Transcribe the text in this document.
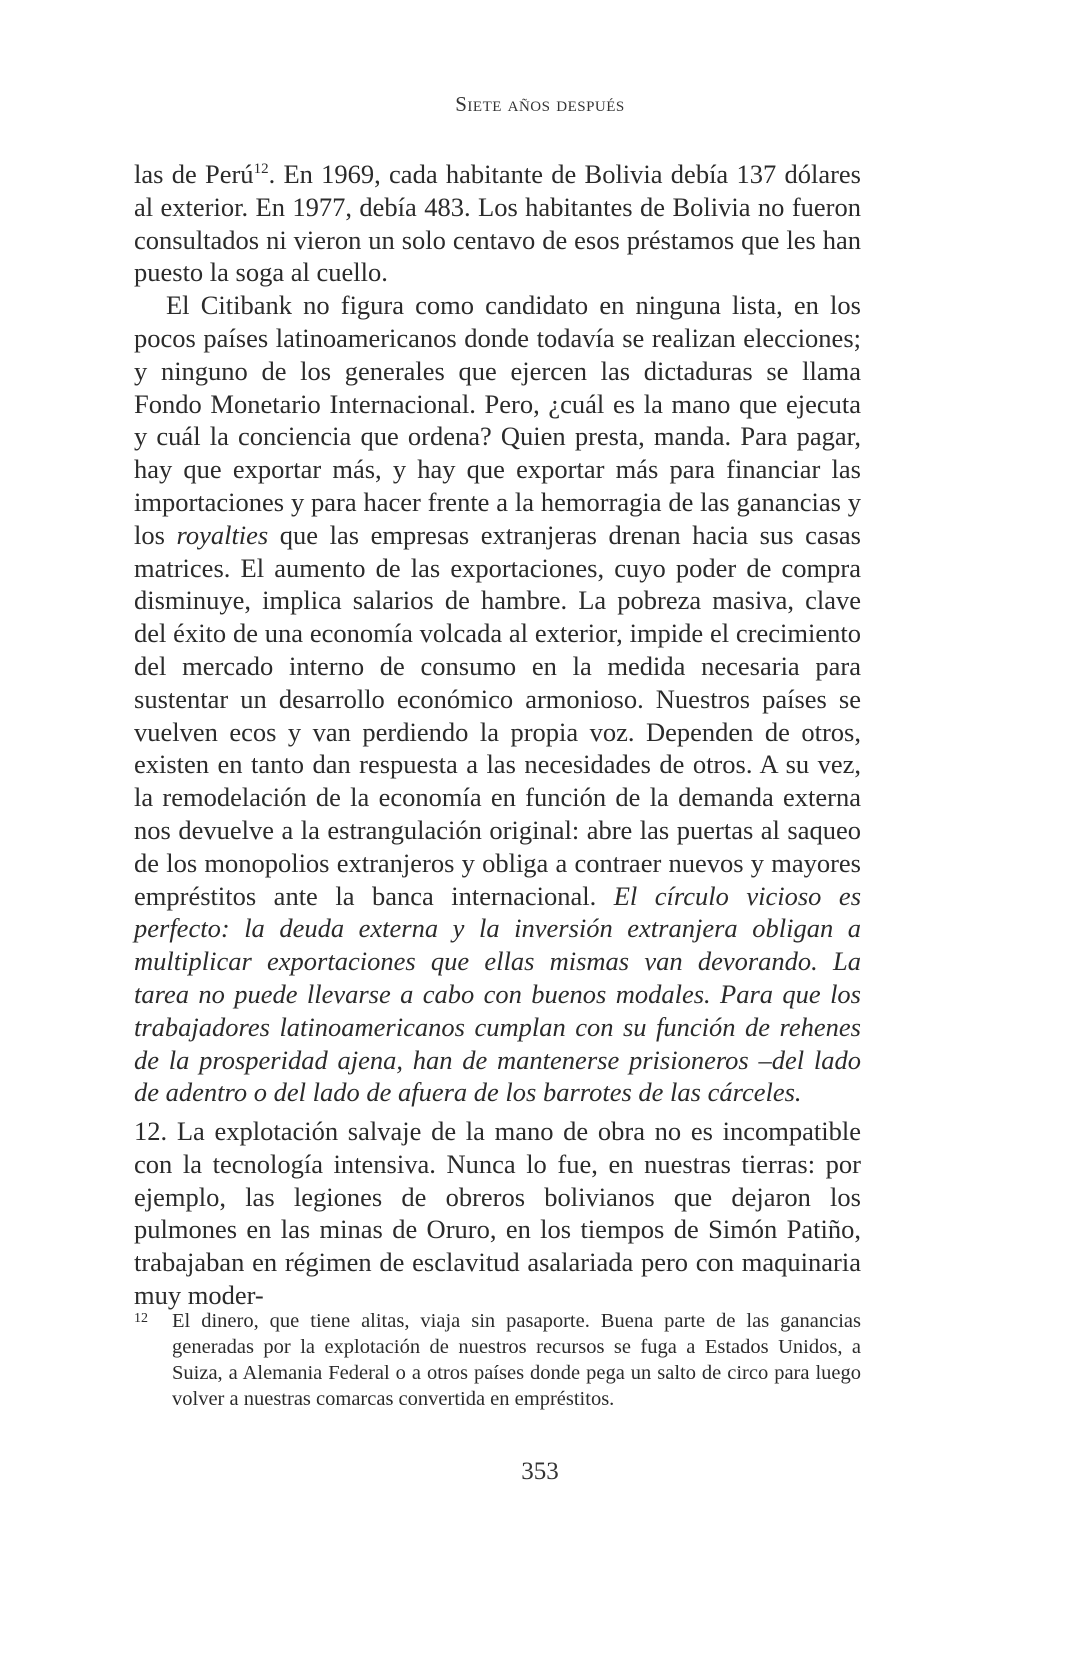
Siete años después

las de Perú$^{12}$. En 1969, cada habitante de Bolivia debía 137 dólares al exterior. En 1977, debía 483. Los habitantes de Bolivia no fueron consultados ni vieron un solo centavo de esos préstamos que les han puesto la soga al cuello.

El Citibank no figura como candidato en ninguna lista, en los pocos países latinoamericanos donde todavía se realizan elecciones; y ninguno de los generales que ejercen las dictaduras se llama Fondo Monetario Internacional. Pero, ¿cuál es la mano que ejecuta y cuál la conciencia que ordena? Quien presta, manda. Para pagar, hay que exportar más, y hay que exportar más para financiar las importaciones y para hacer frente a la hemorragia de las ganancias y los royalties que las empresas extranjeras drenan hacia sus casas matrices. El aumento de las exportaciones, cuyo poder de compra disminuye, implica salarios de hambre. La pobreza masiva, clave del éxito de una economía volcada al exterior, impide el crecimiento del mercado interno de consumo en la medida necesaria para sustentar un desarrollo económico armonioso. Nuestros países se vuelven ecos y van perdiendo la propia voz. Dependen de otros, existen en tanto dan respuesta a las necesidades de otros. A su vez, la remodelación de la economía en función de la demanda externa nos devuelve a la estrangulación original: abre las puertas al saqueo de los monopolios extranjeros y obliga a contraer nuevos y mayores empréstitos ante la banca internacional. El círculo vicioso es perfecto: la deuda externa y la inversión extranjera obligan a multiplicar exportaciones que ellas mismas van devorando. La tarea no puede llevarse a cabo con buenos modales. Para que los trabajadores latinoamericanos cumplan con su función de rehenes de la prosperidad ajena, han de mantenerse prisioneros –del lado de adentro o del lado de afuera de los barrotes de las cárceles.

12. La explotación salvaje de la mano de obra no es incompatible con la tecnología intensiva. Nunca lo fue, en nuestras tierras: por ejemplo, las legiones de obreros bolivianos que dejaron los pulmones en las minas de Oruro, en los tiempos de Simón Patiño, trabajaban en régimen de esclavitud asalariada pero con maquinaria muy moder-

12 El dinero, que tiene alitas, viaja sin pasaporte. Buena parte de las ganancias generadas por la explotación de nuestros recursos se fuga a Estados Unidos, a Suiza, a Alemania Federal o a otros países donde pega un salto de circo para luego volver a nuestras comarcas convertida en empréstitos.
353
